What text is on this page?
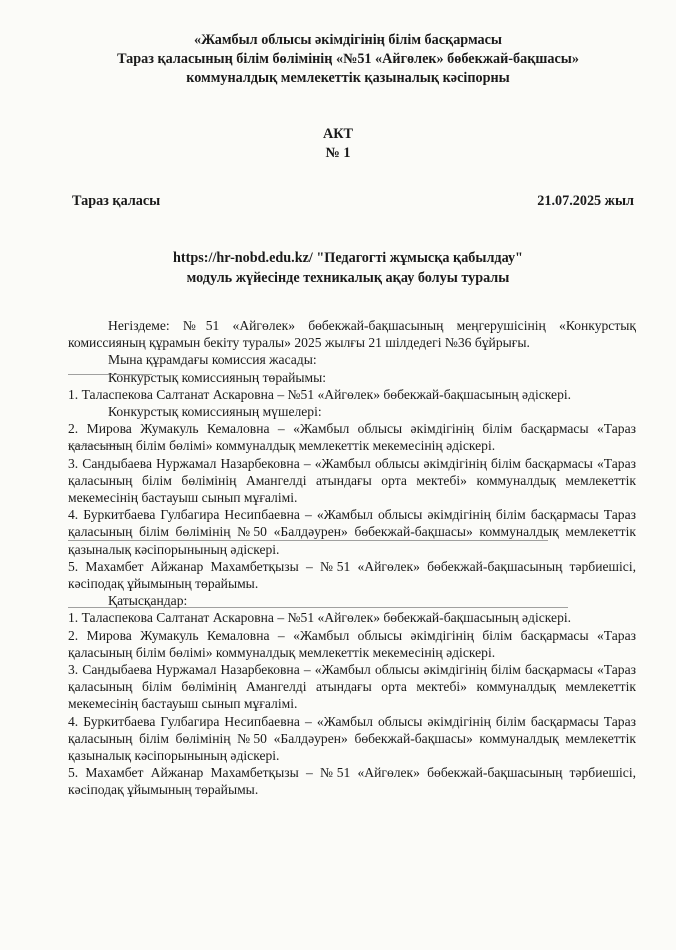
«Жамбыл облысы әкімдігінің білім басқармасы
Тараз қаласының білім бөлімінің «№51 «Айгөлек» бөбекжай-бақшасы»
коммуналдық мемлекеттік қазыналық кәсіпорны
АКТ
№ 1
Тараз қаласы	21.07.2025 жыл
https://hr-nobd.edu.kz/ "Педагогті жұмысқа қабылдау"
модуль жүйесінде техникалық ақау болуы туралы

Негіздеме: №51 «Айгөлек» бөбекжай-бақшасының меңгерушісінің «Конкурстық комиссияның құрамын бекіту туралы» 2025 жылғы 21 шілдедегі №36 бұйрығы.

Мына құрамдағы комиссия жасады:

Конкурстық комиссияның төрайымы:

1. Таласпекова Салтанат Аскаровна – №51 «Айгөлек» бөбекжай-бақшасының әдіскері.

Конкурстық комиссияның мүшелері:

2. Мирова Жумакуль Кемаловна – «Жамбыл облысы әкімдігінің білім басқармасы «Тараз қаласының білім бөлімі» коммуналдық мемлекеттік мекемесінің әдіскері.

3. Сандыбаева Нуржамал Назарбековна – «Жамбыл облысы әкімдігінің білім басқармасы «Тараз қаласының білім бөлімінің Амангелді атындағы орта мектебі» коммуналдық мемлекеттік мекемесінің бастауыш сынып мұғалімі.

4. Буркитбаева Гулбагира Несипбаевна – «Жамбыл облысы әкімдігінің білім басқармасы Тараз қаласының білім бөлімінің №50 «Балдәурен» бөбекжай-бақшасы» коммуналдық мемлекеттік қазыналық кәсіпорынының әдіскері.

5. Махамбет Айжанар Махамбетқызы – №51 «Айгөлек» бөбекжай-бақшасының тәрбиешісі, кәсіподақ ұйымының төрайымы.

Қатысқандар:

1. Таласпекова Салтанат Аскаровна – №51 «Айгөлек» бөбекжай-бақшасының әдіскері.

2. Мирова Жумакуль Кемаловна – «Жамбыл облысы әкімдігінің білім басқармасы «Тараз қаласының білім бөлімі» коммуналдық мемлекеттік мекемесінің әдіскері.

3. Сандыбаева Нуржамал Назарбековна – «Жамбыл облысы әкімдігінің білім басқармасы «Тараз қаласының білім бөлімінің Амангелді атындағы орта мектебі» коммуналдық мемлекеттік мекемесінің бастауыш сынып мұғалімі.

4. Буркитбаева Гулбагира Несипбаевна – «Жамбыл облысы әкімдігінің білім басқармасы Тараз қаласының білім бөлімінің №50 «Балдәурен» бөбекжай-бақшасы» коммуналдық мемлекеттік қазыналық кәсіпорынының әдіскері.

5. Махамбет Айжанар Махамбетқызы – №51 «Айгөлек» бөбекжай-бақшасының тәрбиешісі, кәсіподақ ұйымының төрайымы.
